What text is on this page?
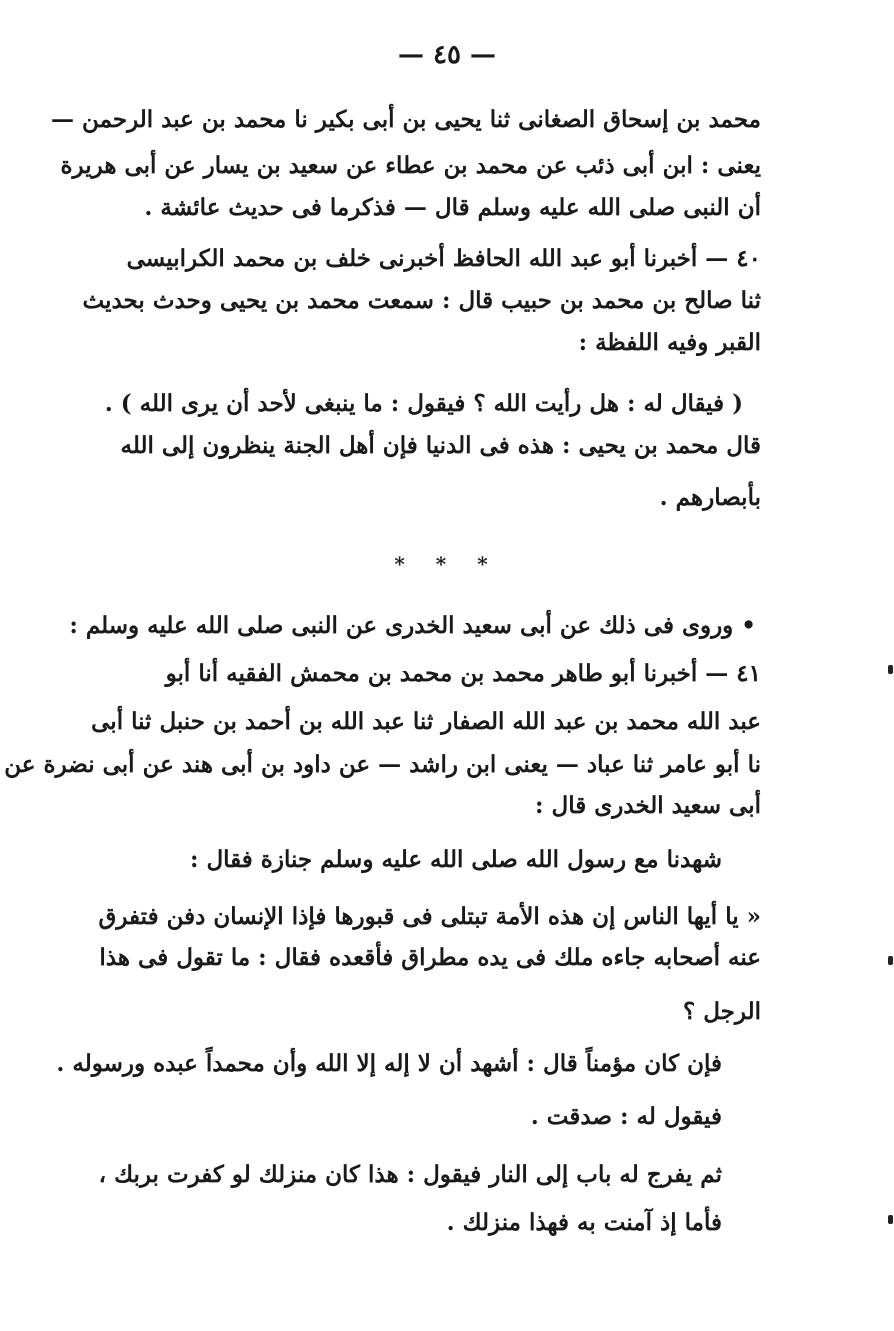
— ٤٥ —
محمد بن إسحاق الصغانى ثنا يحيى بن أبى بكير نا محمد بن عبد الرحمن —
يعنى : ابن أبى ذئب عن محمد بن عطاء عن سعيد بن يسار عن أبى هريرة
أن النبى صلى الله عليه وسلم قال — فذكرما فى حديث عائشة .
٤٠ — أخبرنا أبو عبد الله الحافظ أخبرنى خلف بن محمد الكرابيسى
ثنا صالح بن محمد بن حبيب قال : سمعت محمد بن يحيى وحدث بحديث
القبر وفيه اللفظة :
( فيقال له : هل رأيت الله ؟ فيقول : ما ينبغى لأحد أن يرى الله ) .
قال محمد بن يحيى : هذه فى الدنيا فإن أهل الجنة ينظرون إلى الله
بأبصارهم .
* * *
• وروى فى ذلك عن أبى سعيد الخدرى عن النبى صلى الله عليه وسلم :
٤١ — أخبرنا أبو طاهر محمد بن محمد بن محمش الفقيه أنا أبو
عبد الله محمد بن عبد الله الصفار ثنا عبد الله بن أحمد بن حنبل ثنا أبى
نا أبو عامر ثنا عباد — يعنى ابن راشد — عن داود بن أبى هند عن أبى نضرة عن
أبى سعيد الخدرى قال :
شهدنا مع رسول الله صلى الله عليه وسلم جنازة فقال :
« يا أيها الناس إن هذه الأمة تبتلى فى قبورها فإذا الإنسان دفن فتفرق
عنه أصحابه جاءه ملك فى يده مطراق فأقعده فقال : ما تقول فى هذا
الرجل ؟
فإن كان مؤمناً قال : أشهد أن لا إله إلا الله وأن محمداً عبده ورسوله .
فيقول له : صدقت .
ثم يفرج له باب إلى النار فيقول : هذا كان منزلك لو كفرت بربك ،
فأما إذ آمنت به فهذا منزلك .
